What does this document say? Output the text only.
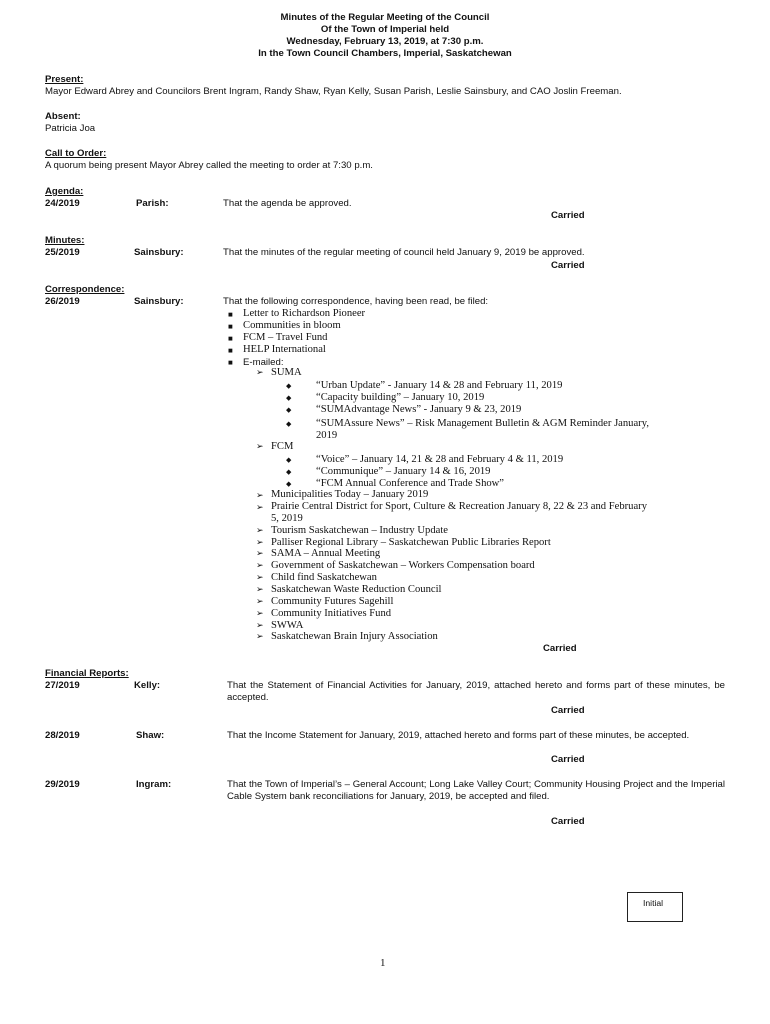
Minutes of the Regular Meeting of the Council
Of the Town of Imperial held
Wednesday, February 13, 2019, at 7:30 p.m.
In the Town Council Chambers, Imperial, Saskatchewan
Present:
Mayor Edward Abrey and Councilors Brent Ingram, Randy Shaw, Ryan Kelly, Susan Parish, Leslie Sainsbury, and CAO Joslin Freeman.
Absent:
Patricia Joa
Call to Order:
A quorum being present Mayor Abrey called the meeting to order at 7:30 p.m.
Agenda:
24/2019	Parish:	That the agenda be approved.
Carried
Minutes:
25/2019	Sainsbury:	That the minutes of the regular meeting of council held January 9, 2019 be approved.
Carried
Correspondence:
26/2019	Sainsbury:	That the following correspondence, having been read, be filed:
■ Letter to Richardson Pioneer
■ Communities in bloom
■ FCM – Travel Fund
■ HELP International
■ E-mailed:
➢ SUMA
◆ “Urban Update” - January 14 & 28 and February 11, 2019
◆ “Capacity building” – January 10, 2019
◆ “SUMAdvantage News” - January 9 & 23, 2019
◆ “SUMAssure News” – Risk Management Bulletin & AGM Reminder January,
2019
➢ FCM
◆ “Voice” – January 14, 21 & 28 and February 4 & 11, 2019
◆ “Communique” – January 14 & 16, 2019
◆ “FCM Annual Conference and Trade Show”
➢ Municipalities Today – January 2019
➢ Prairie Central District for Sport, Culture & Recreation January 8, 22 & 23 and February
5, 2019
➢ Tourism Saskatchewan – Industry Update
➢ Palliser Regional Library – Saskatchewan Public Libraries Report
➢ SAMA – Annual Meeting
➢ Government of Saskatchewan – Workers Compensation board
➢ Child find Saskatchewan
➢ Saskatchewan Waste Reduction Council
➢ Community Futures Sagehill
➢ Community Initiatives Fund
➢ SWWA
➢ Saskatchewan Brain Injury Association
Carried
Financial Reports:
27/2019	Kelly:	That the Statement of Financial Activities for January, 2019, attached hereto and forms part of these minutes, be accepted.
Carried
28/2019	Shaw:	That the Income Statement for January, 2019, attached hereto and forms part of these minutes, be accepted.
Carried
29/2019	Ingram:	That the Town of Imperial’s – General Account; Long Lake Valley Court; Community Housing Project and the Imperial Cable System bank reconciliations for January, 2019, be accepted and filed.
Carried
Initial
1
